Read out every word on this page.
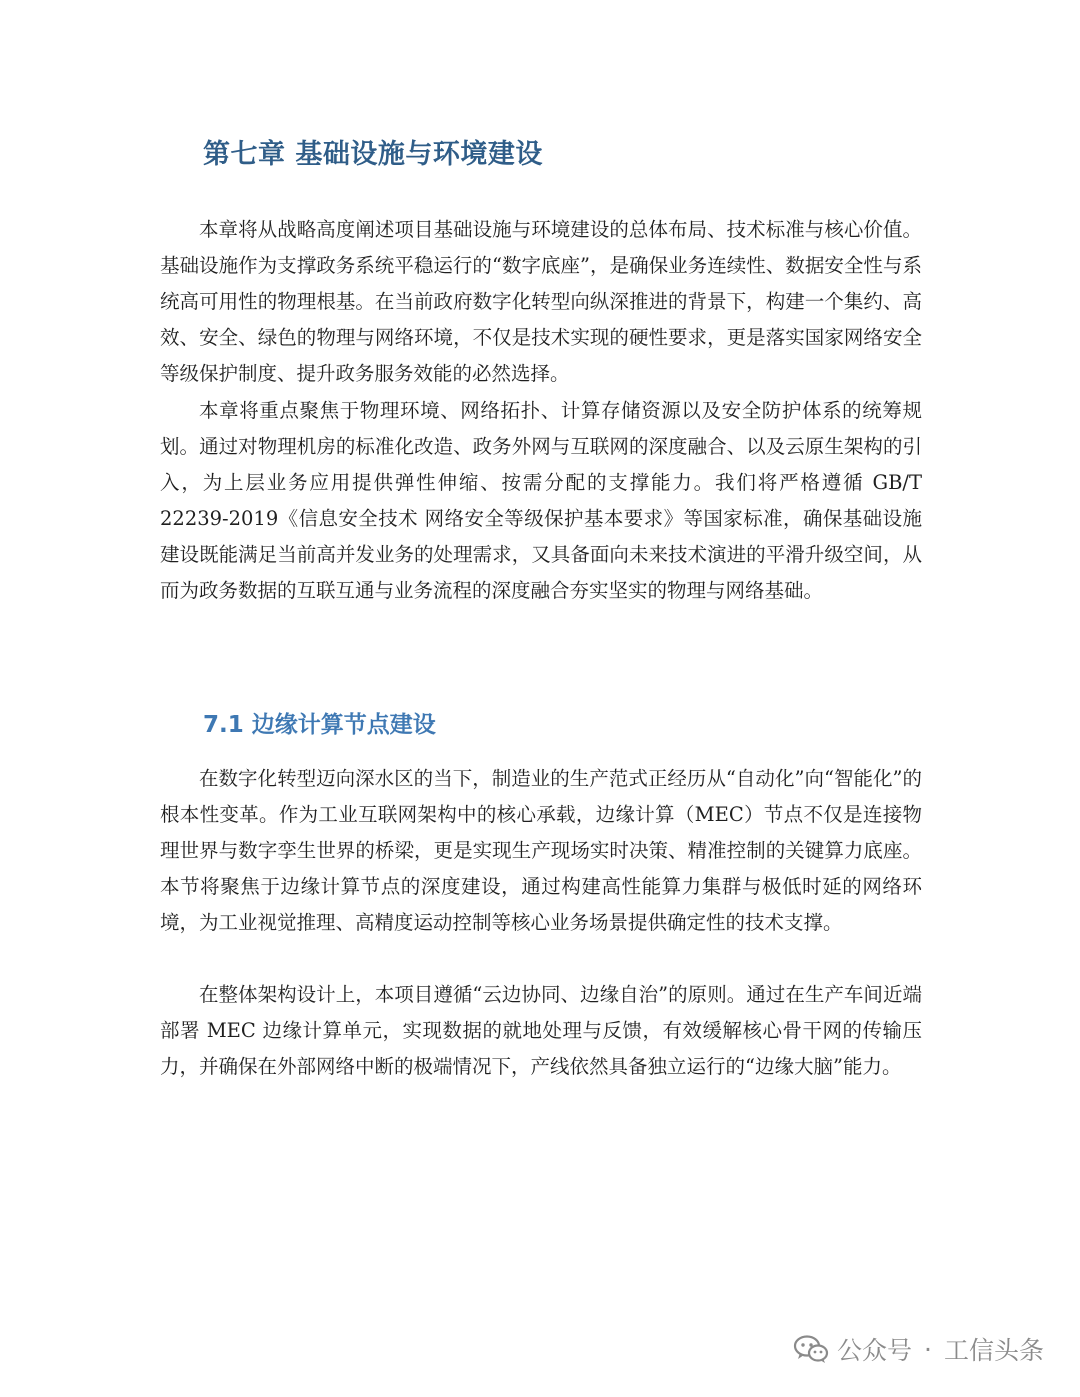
第七章 基础设施与环境建设

本章将从战略高度阐述项目基础设施与环境建设的总体布局、技术标准与核心价值。基础设施作为支撑政务系统平稳运行的“数字底座”，是确保业务连续性、数据安全性与系统高可用性的物理根基。在当前政府数字化转型向纵深推进的背景下，构建一个集约、高效、安全、绿色的物理与网络环境，不仅是技术实现的硬性要求，更是落实国家网络安全等级保护制度、提升政务服务效能的必然选择。

本章将重点聚焦于物理环境、网络拓扑、计算存储资源以及安全防护体系的统筹规划。通过对物理机房的标准化改造、政务外网与互联网的深度融合、以及云原生架构的引入，为上层业务应用提供弹性伸缩、按需分配的支撑能力。我们将严格遵循 GB/T 22239-2019《信息安全技术 网络安全等级保护基本要求》等国家标准，确保基础设施建设既能满足当前高并发业务的处理需求，又具备面向未来技术演进的平滑升级空间，从而为政务数据的互联互通与业务流程的深度融合夯实坚实的物理与网络基础。

7.1 边缘计算节点建设

在数字化转型迈向深水区的当下，制造业的生产范式正经历从“自动化”向“智能化”的根本性变革。作为工业互联网架构中的核心承载，边缘计算（MEC）节点不仅是连接物理世界与数字孪生世界的桥梁，更是实现生产现场实时决策、精准控制的关键算力底座。本节将聚焦于边缘计算节点的深度建设，通过构建高性能算力集群与极低时延的网络环境，为工业视觉推理、高精度运动控制等核心业务场景提供确定性的技术支撑。

在整体架构设计上，本项目遵循“云边协同、边缘自治”的原则。通过在生产车间近端部署 MEC 边缘计算单元，实现数据的就地处理与反馈，有效缓解核心骨干网的传输压力，并确保在外部网络中断的极端情况下，产线依然具备独立运行的“边缘大脑”能力。

公众号 · 工信头条
